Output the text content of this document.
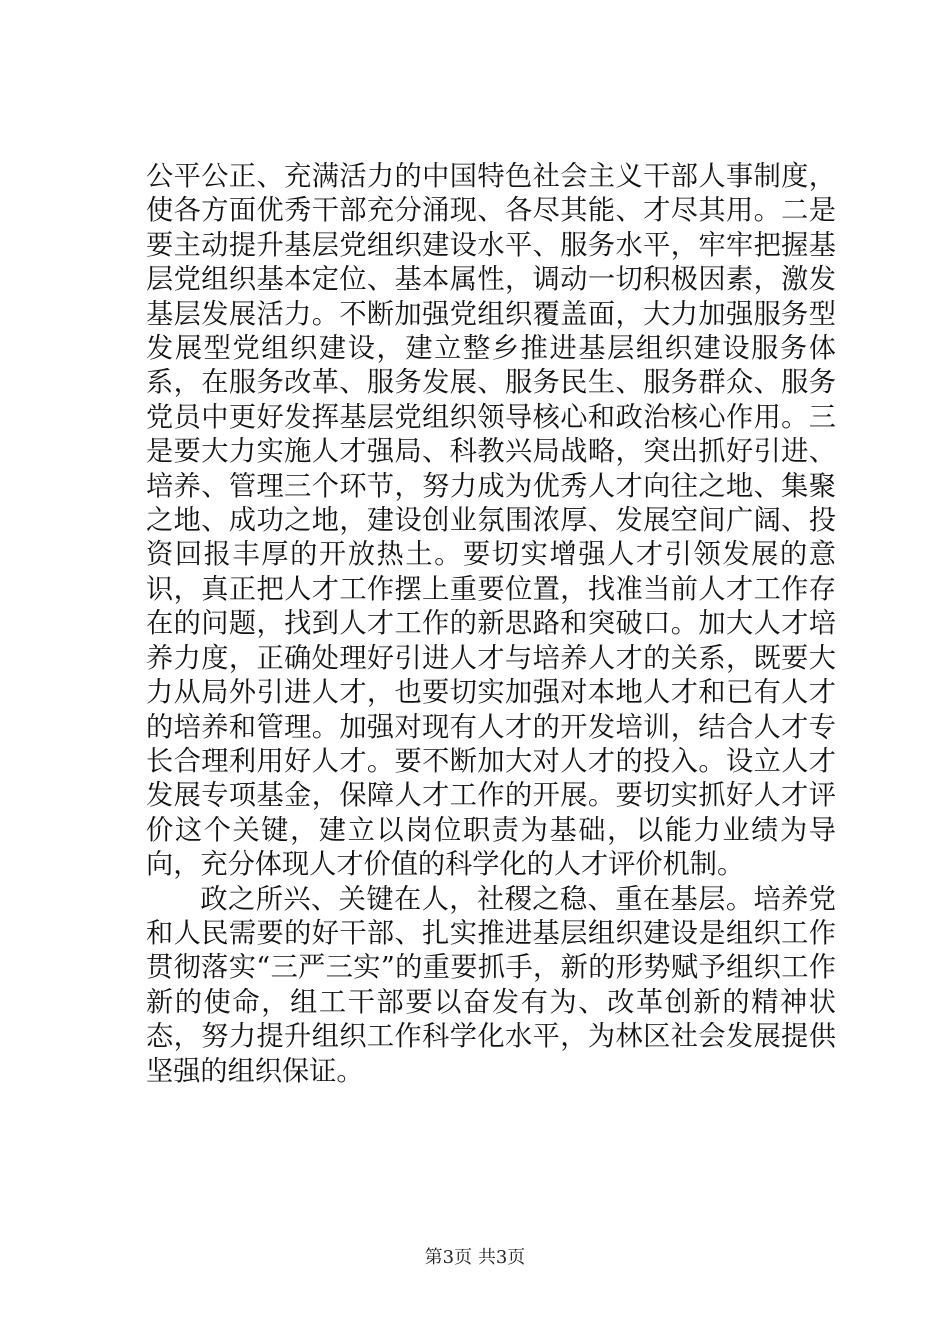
公平公正、充满活力的中国特色社会主义干部人事制度，使各方面优秀干部充分涌现、各尽其能、才尽其用。二是要主动提升基层党组织建设水平、服务水平，牢牢把握基层党组织基本定位、基本属性，调动一切积极因素，激发基层发展活力。不断加强党组织覆盖面，大力加强服务型发展型党组织建设，建立整乡推进基层组织建设服务体系，在服务改革、服务发展、服务民生、服务群众、服务党员中更好发挥基层党组织领导核心和政治核心作用。三是要大力实施人才强局、科教兴局战略，突出抓好引进、培养、管理三个环节，努力成为优秀人才向往之地、集聚之地、成功之地，建设创业氛围浓厚、发展空间广阔、投资回报丰厚的开放热土。要切实增强人才引领发展的意识，真正把人才工作摆上重要位置，找准当前人才工作存在的问题，找到人才工作的新思路和突破口。加大人才培养力度，正确处理好引进人才与培养人才的关系，既要大力从局外引进人才，也要切实加强对本地人才和已有人才的培养和管理。加强对现有人才的开发培训，结合人才专长合理利用好人才。要不断加大对人才的投入。设立人才发展专项基金，保障人才工作的开展。要切实抓好人才评价这个关键，建立以岗位职责为基础，以能力业绩为导向，充分体现人才价值的科学化的人才评价机制。

政之所兴、关键在人，社稷之稳、重在基层。培养党和人民需要的好干部、扎实推进基层组织建设是组织工作贯彻落实“三严三实”的重要抓手，新的形势赋予组织工作新的使命，组工干部要以奋发有为、改革创新的精神状态，努力提升组织工作科学化水平，为林区社会发展提供坚强的组织保证。

第3页 共3页
